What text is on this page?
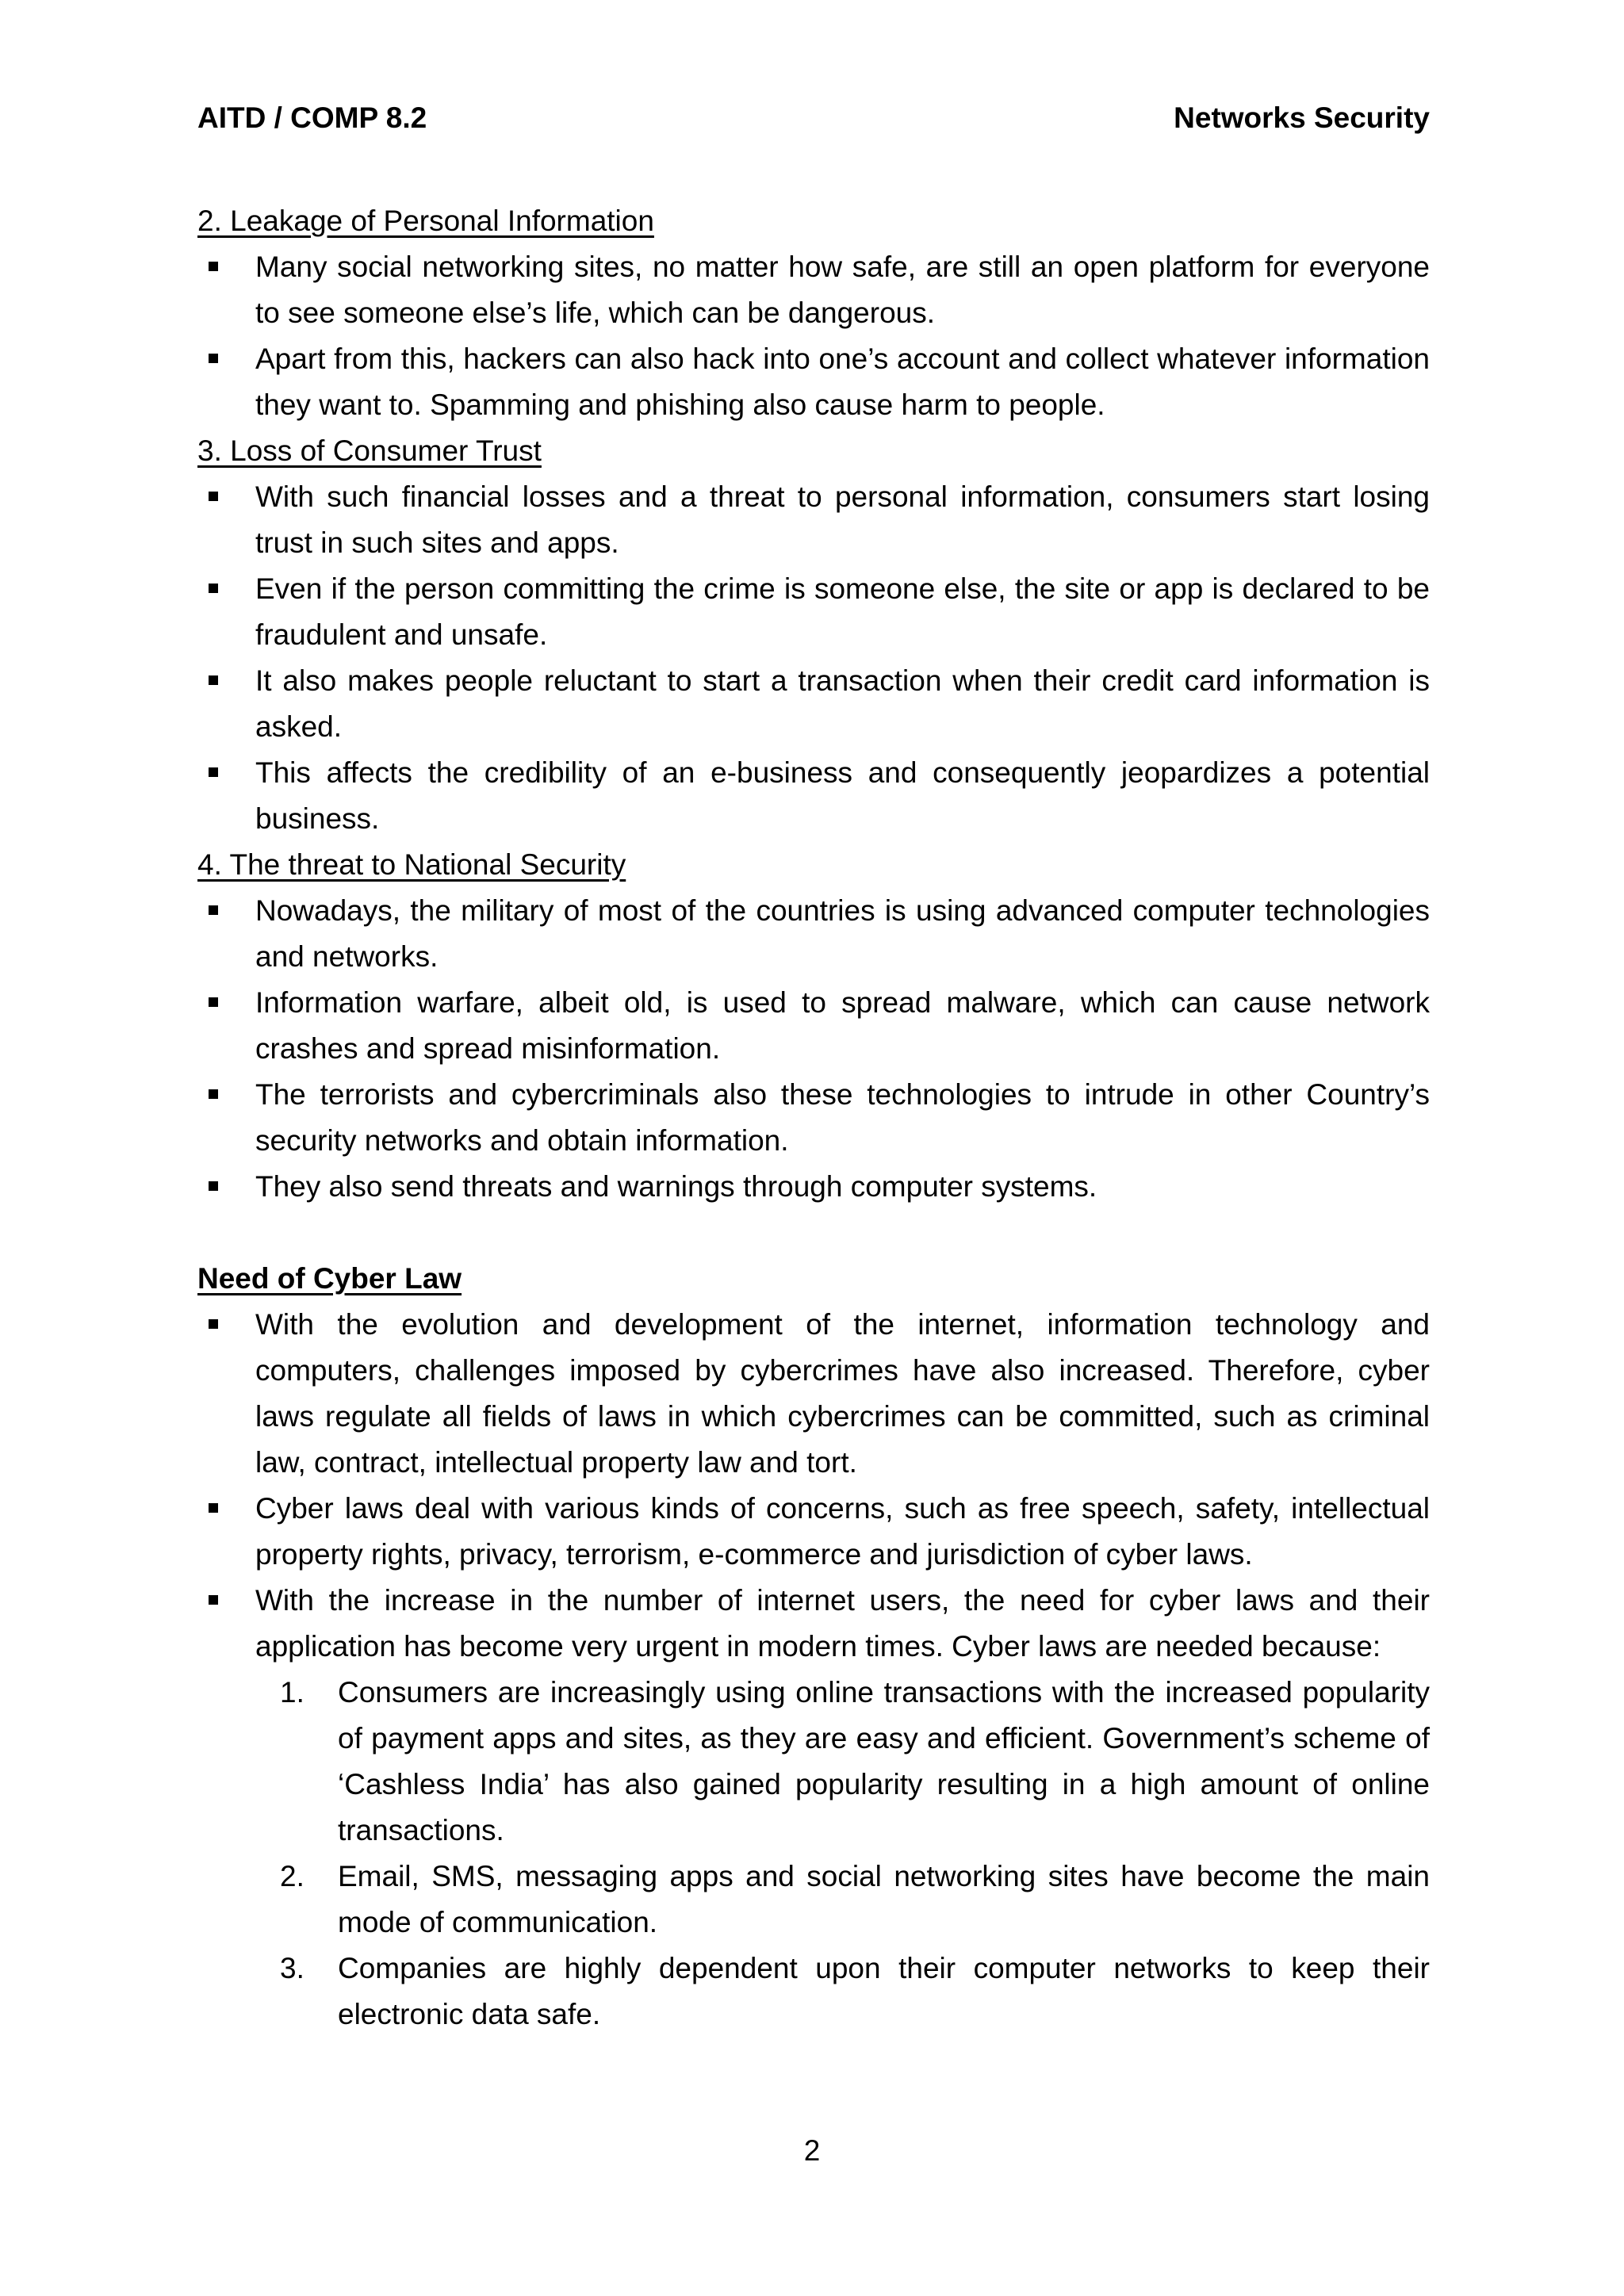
AITD / COMP 8.2	Networks Security

2. Leakage of Personal Information

Many social networking sites, no matter how safe, are still an open platform for everyone to see someone else’s life, which can be dangerous.
Apart from this, hackers can also hack into one’s account and collect whatever information they want to. Spamming and phishing also cause harm to people.

3. Loss of Consumer Trust

With such financial losses and a threat to personal information, consumers start losing trust in such sites and apps.
Even if the person committing the crime is someone else, the site or app is declared to be fraudulent and unsafe.
It also makes people reluctant to start a transaction when their credit card information is asked.
This affects the credibility of an e-business and consequently jeopardizes a potential business.

4. The threat to National Security

Nowadays, the military of most of the countries is using advanced computer technologies and networks.
Information warfare, albeit old, is used to spread malware, which can cause network crashes and spread misinformation.
The terrorists and cybercriminals also these technologies to intrude in other Country’s security networks and obtain information.
They also send threats and warnings through computer systems.

Need of Cyber Law

With the evolution and development of the internet, information technology and computers, challenges imposed by cybercrimes have also increased. Therefore, cyber laws regulate all fields of laws in which cybercrimes can be committed, such as criminal law, contract, intellectual property law and tort.
Cyber laws deal with various kinds of concerns, such as free speech, safety, intellectual property rights, privacy, terrorism, e-commerce and jurisdiction of cyber laws.
With the increase in the number of internet users, the need for cyber laws and their application has become very urgent in modern times. Cyber laws are needed because:
1. Consumers are increasingly using online transactions with the increased popularity of payment apps and sites, as they are easy and efficient. Government’s scheme of ‘Cashless India’ has also gained popularity resulting in a high amount of online transactions.
2. Email, SMS, messaging apps and social networking sites have become the main mode of communication.
3. Companies are highly dependent upon their computer networks to keep their electronic data safe.
2
